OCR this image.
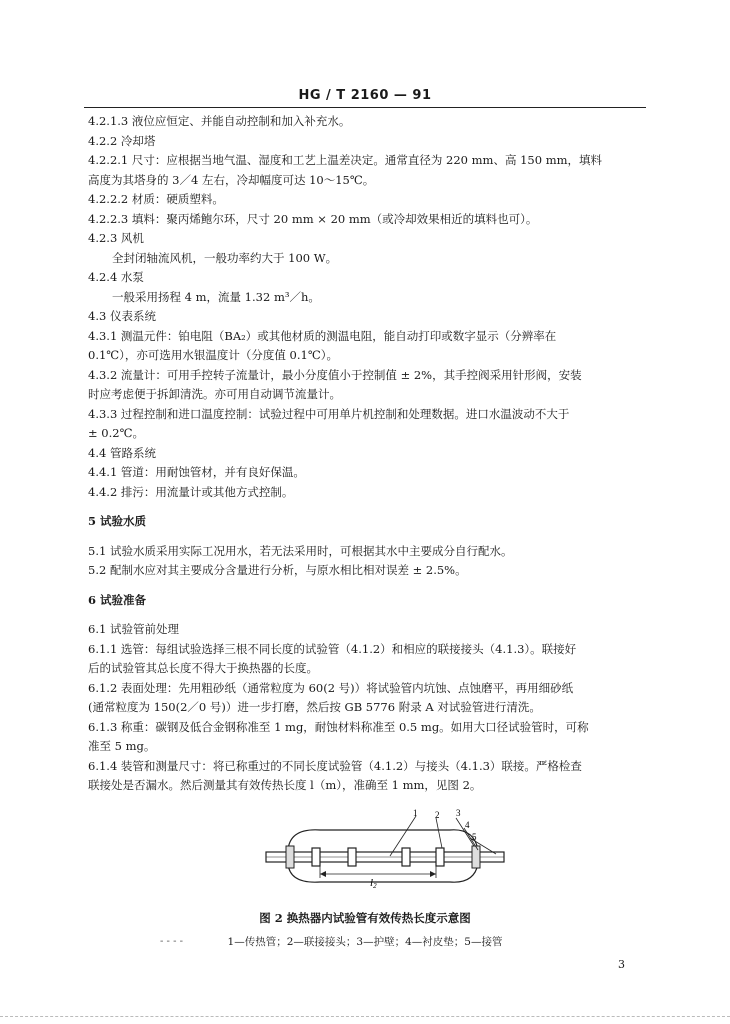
HG / T 2160 — 91
4.2.1.3 液位应恒定、并能自动控制和加入补充水。
4.2.2 冷却塔
4.2.2.1 尺寸：应根据当地气温、湿度和工艺上温差决定。通常直径为 220 mm、高 150 mm，填料
高度为其塔身的 3／4 左右，冷却幅度可达 10～15℃。
4.2.2.2 材质：硬质塑料。
4.2.2.3 填料：聚丙烯鲍尔环，尺寸 20 mm × 20 mm（或冷却效果相近的填料也可）。
4.2.3 风机
全封闭轴流风机，一般功率约大于 100 W。
4.2.4 水泵
一般采用扬程 4 m，流量 1.32 m³／h。
4.3 仪表系统
4.3.1 测温元件：铂电阻（BA₂）或其他材质的测温电阻，能自动打印或数字显示（分辨率在
0.1℃），亦可选用水银温度计（分度值 0.1℃）。
4.3.2 流量计：可用手控转子流量计，最小分度值小于控制值 ± 2%，其手控阀采用针形阀，安装
时应考虑便于拆卸清洗。亦可用自动调节流量计。
4.3.3 过程控制和进口温度控制：试验过程中可用单片机控制和处理数据。进口水温波动不大于
± 0.2℃。
4.4 管路系统
4.4.1 管道：用耐蚀管材，并有良好保温。
4.4.2 排污：用流量计或其他方式控制。
5 试验水质
5.1 试验水质采用实际工况用水，若无法采用时，可根据其水中主要成分自行配水。
5.2 配制水应对其主要成分含量进行分析，与原水相比相对误差 ± 2.5%。
6 试验准备
6.1 试验管前处理
6.1.1 选管：每组试验选择三根不同长度的试验管（4.1.2）和相应的联接接头（4.1.3）。联接好
后的试验管其总长度不得大于换热器的长度。
6.1.2 表面处理：先用粗砂纸（通常粒度为 60(2 号)）将试验管内坑蚀、点蚀磨平，再用细砂纸
(通常粒度为 150(2／0 号)）进一步打磨，然后按 GB 5776 附录 A 对试验管进行清洗。
6.1.3 称重：碳钢及低合金钢称准至 1 mg，耐蚀材料称准至 0.5 mg。如用大口径试验管时，可称
准至 5 mg。
6.1.4 装管和测量尺寸：将已称重过的不同长度试验管（4.1.2）与接头（4.1.3）联接。严格检查
联接处是否漏水。然后测量其有效传热长度 l（m），准确至 1 mm，见图 2。
1 2 3
4
5
l2
图 2 换热器内试验管有效传热长度示意图
- - - -	1—传热管；2—联接接头；3—护壁；4—衬皮垫；5—接管
3
